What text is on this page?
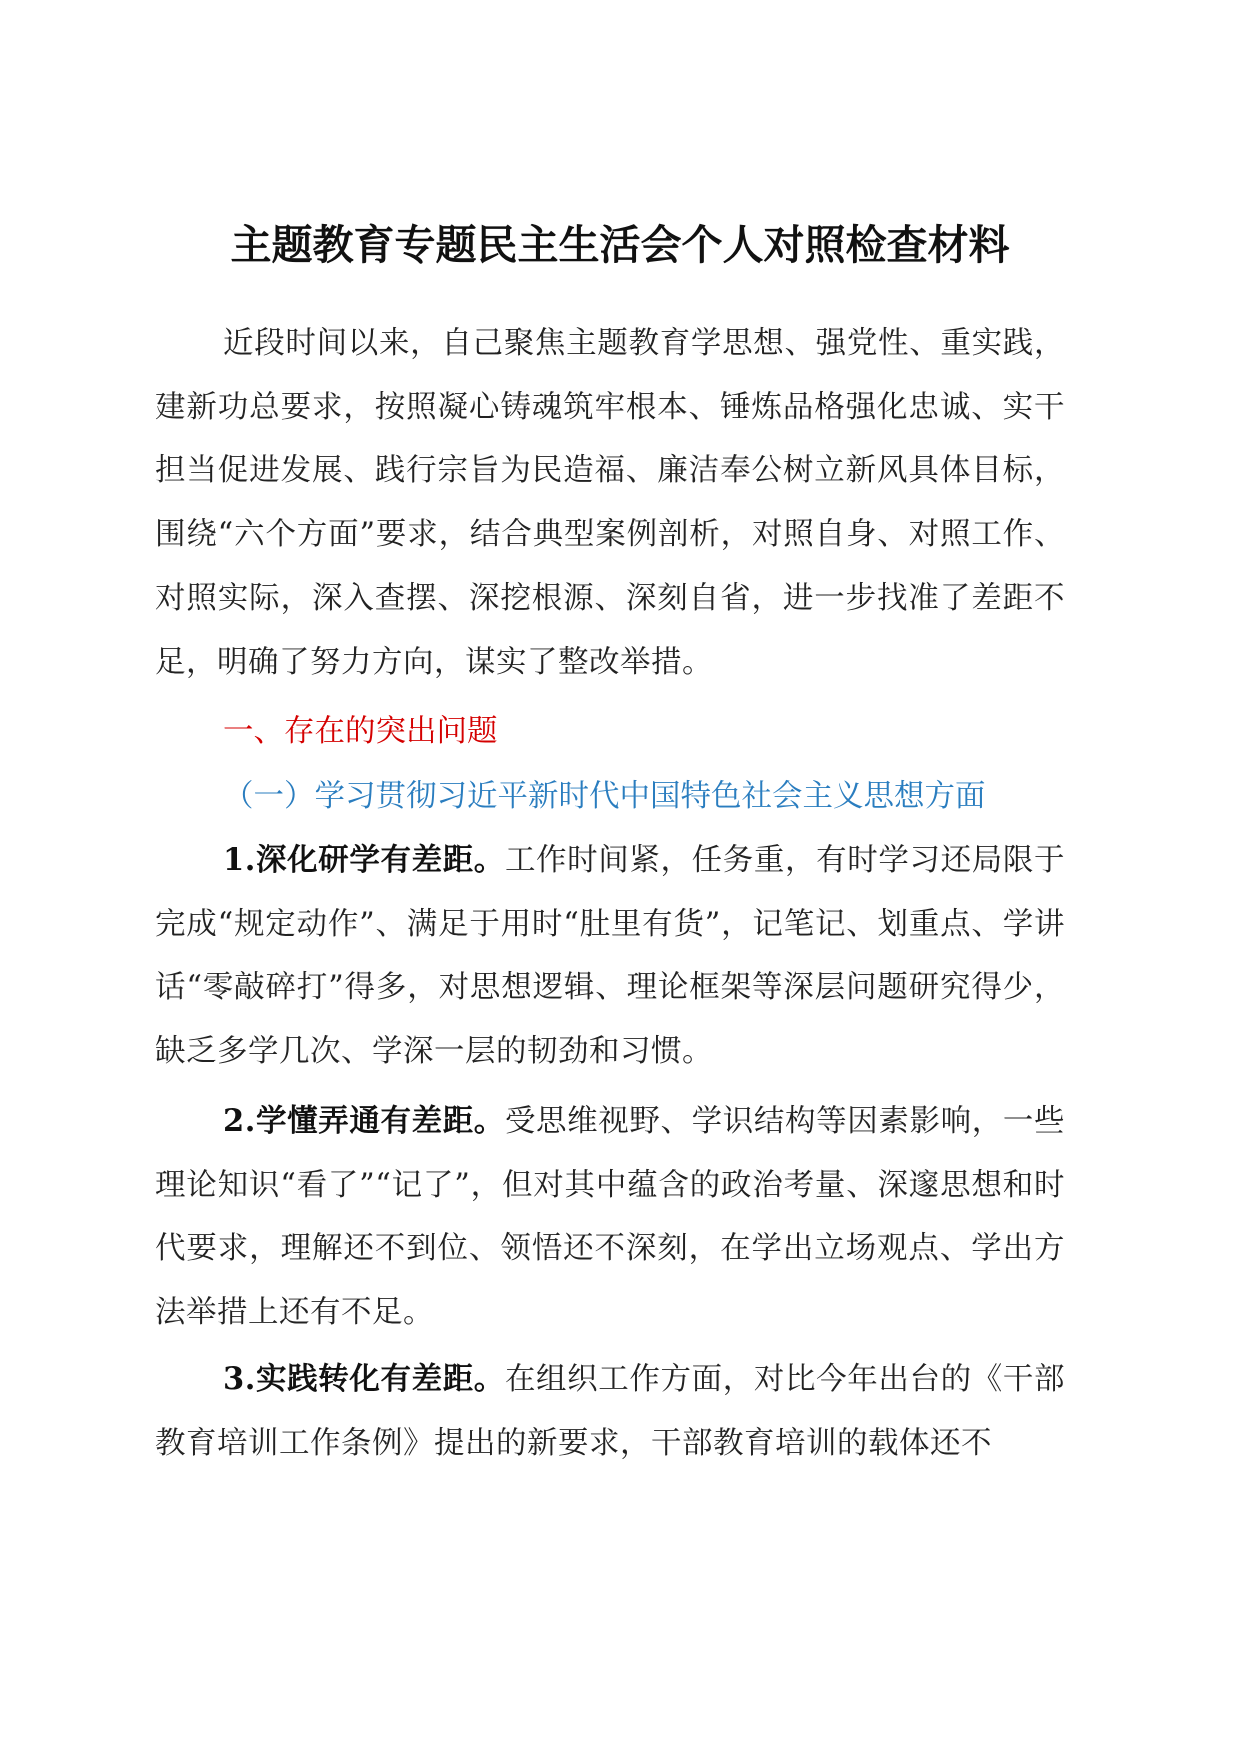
主题教育专题民主生活会个人对照检查材料

近段时间以来，自己聚焦主题教育学思想、强党性、重实践，建新功总要求，按照凝心铸魂筑牢根本、锤炼品格强化忠诚、实干担当促进发展、践行宗旨为民造福、廉洁奉公树立新风具体目标，围绕“六个方面”要求，结合典型案例剖析，对照自身、对照工作、对照实际，深入查摆、深挖根源、深刻自省，进一步找准了差距不足，明确了努力方向，谋实了整改举措。

一、存在的突出问题

（一）学习贯彻习近平新时代中国特色社会主义思想方面

1.深化研学有差距。工作时间紧，任务重，有时学习还局限于完成“规定动作”、满足于用时“肚里有货”，记笔记、划重点、学讲话“零敲碎打”得多，对思想逻辑、理论框架等深层问题研究得少，缺乏多学几次、学深一层的韧劲和习惯。

2.学懂弄通有差距。受思维视野、学识结构等因素影响，一些理论知识“看了”“记了”，但对其中蕴含的政治考量、深邃思想和时代要求，理解还不到位、领悟还不深刻，在学出立场观点、学出方法举措上还有不足。

3.实践转化有差距。在组织工作方面，对比今年出台的《干部教育培训工作条例》提出的新要求，干部教育培训的载体还不
